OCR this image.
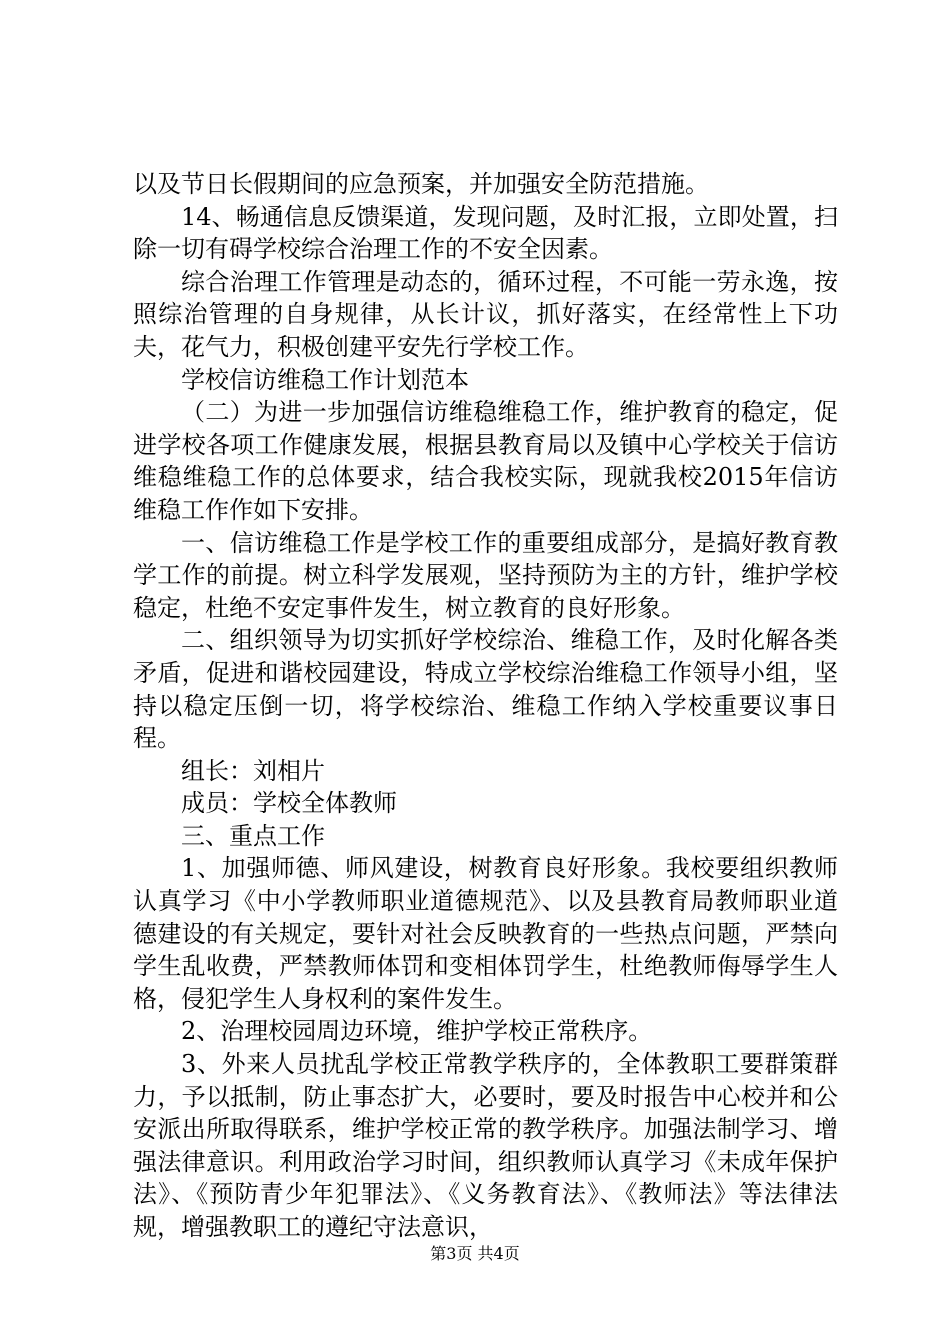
以及节日长假期间的应急预案，并加强安全防范措施。

14、畅通信息反馈渠道，发现问题，及时汇报，立即处置，扫除一切有碍学校综合治理工作的不安全因素。

综合治理工作管理是动态的，循环过程，不可能一劳永逸，按照综治管理的自身规律，从长计议，抓好落实，在经常性上下功夫，花气力，积极创建平安先行学校工作。

学校信访维稳工作计划范本

（二）为进一步加强信访维稳维稳工作，维护教育的稳定，促进学校各项工作健康发展，根据县教育局以及镇中心学校关于信访维稳维稳工作的总体要求，结合我校实际，现就我校2015年信访维稳工作作如下安排。

一、信访维稳工作是学校工作的重要组成部分，是搞好教育教学工作的前提。树立科学发展观，坚持预防为主的方针，维护学校稳定，杜绝不安定事件发生，树立教育的良好形象。

二、组织领导为切实抓好学校综治、维稳工作，及时化解各类矛盾，促进和谐校园建设，特成立学校综治维稳工作领导小组，坚持以稳定压倒一切，将学校综治、维稳工作纳入学校重要议事日程。

组长：刘相片

成员：学校全体教师

三、重点工作

1、加强师德、师风建设，树教育良好形象。我校要组织教师认真学习《中小学教师职业道德规范》、以及县教育局教师职业道德建设的有关规定，要针对社会反映教育的一些热点问题，严禁向学生乱收费，严禁教师体罚和变相体罚学生，杜绝教师侮辱学生人格，侵犯学生人身权利的案件发生。

2、治理校园周边环境，维护学校正常秩序。

3、外来人员扰乱学校正常教学秩序的，全体教职工要群策群力，予以抵制，防止事态扩大，必要时，要及时报告中心校并和公安派出所取得联系，维护学校正常的教学秩序。加强法制学习、增强法律意识。利用政治学习时间，组织教师认真学习《未成年保护法》、《预防青少年犯罪法》、《义务教育法》、《教师法》等法律法规，增强教职工的遵纪守法意识，

第3页 共4页
